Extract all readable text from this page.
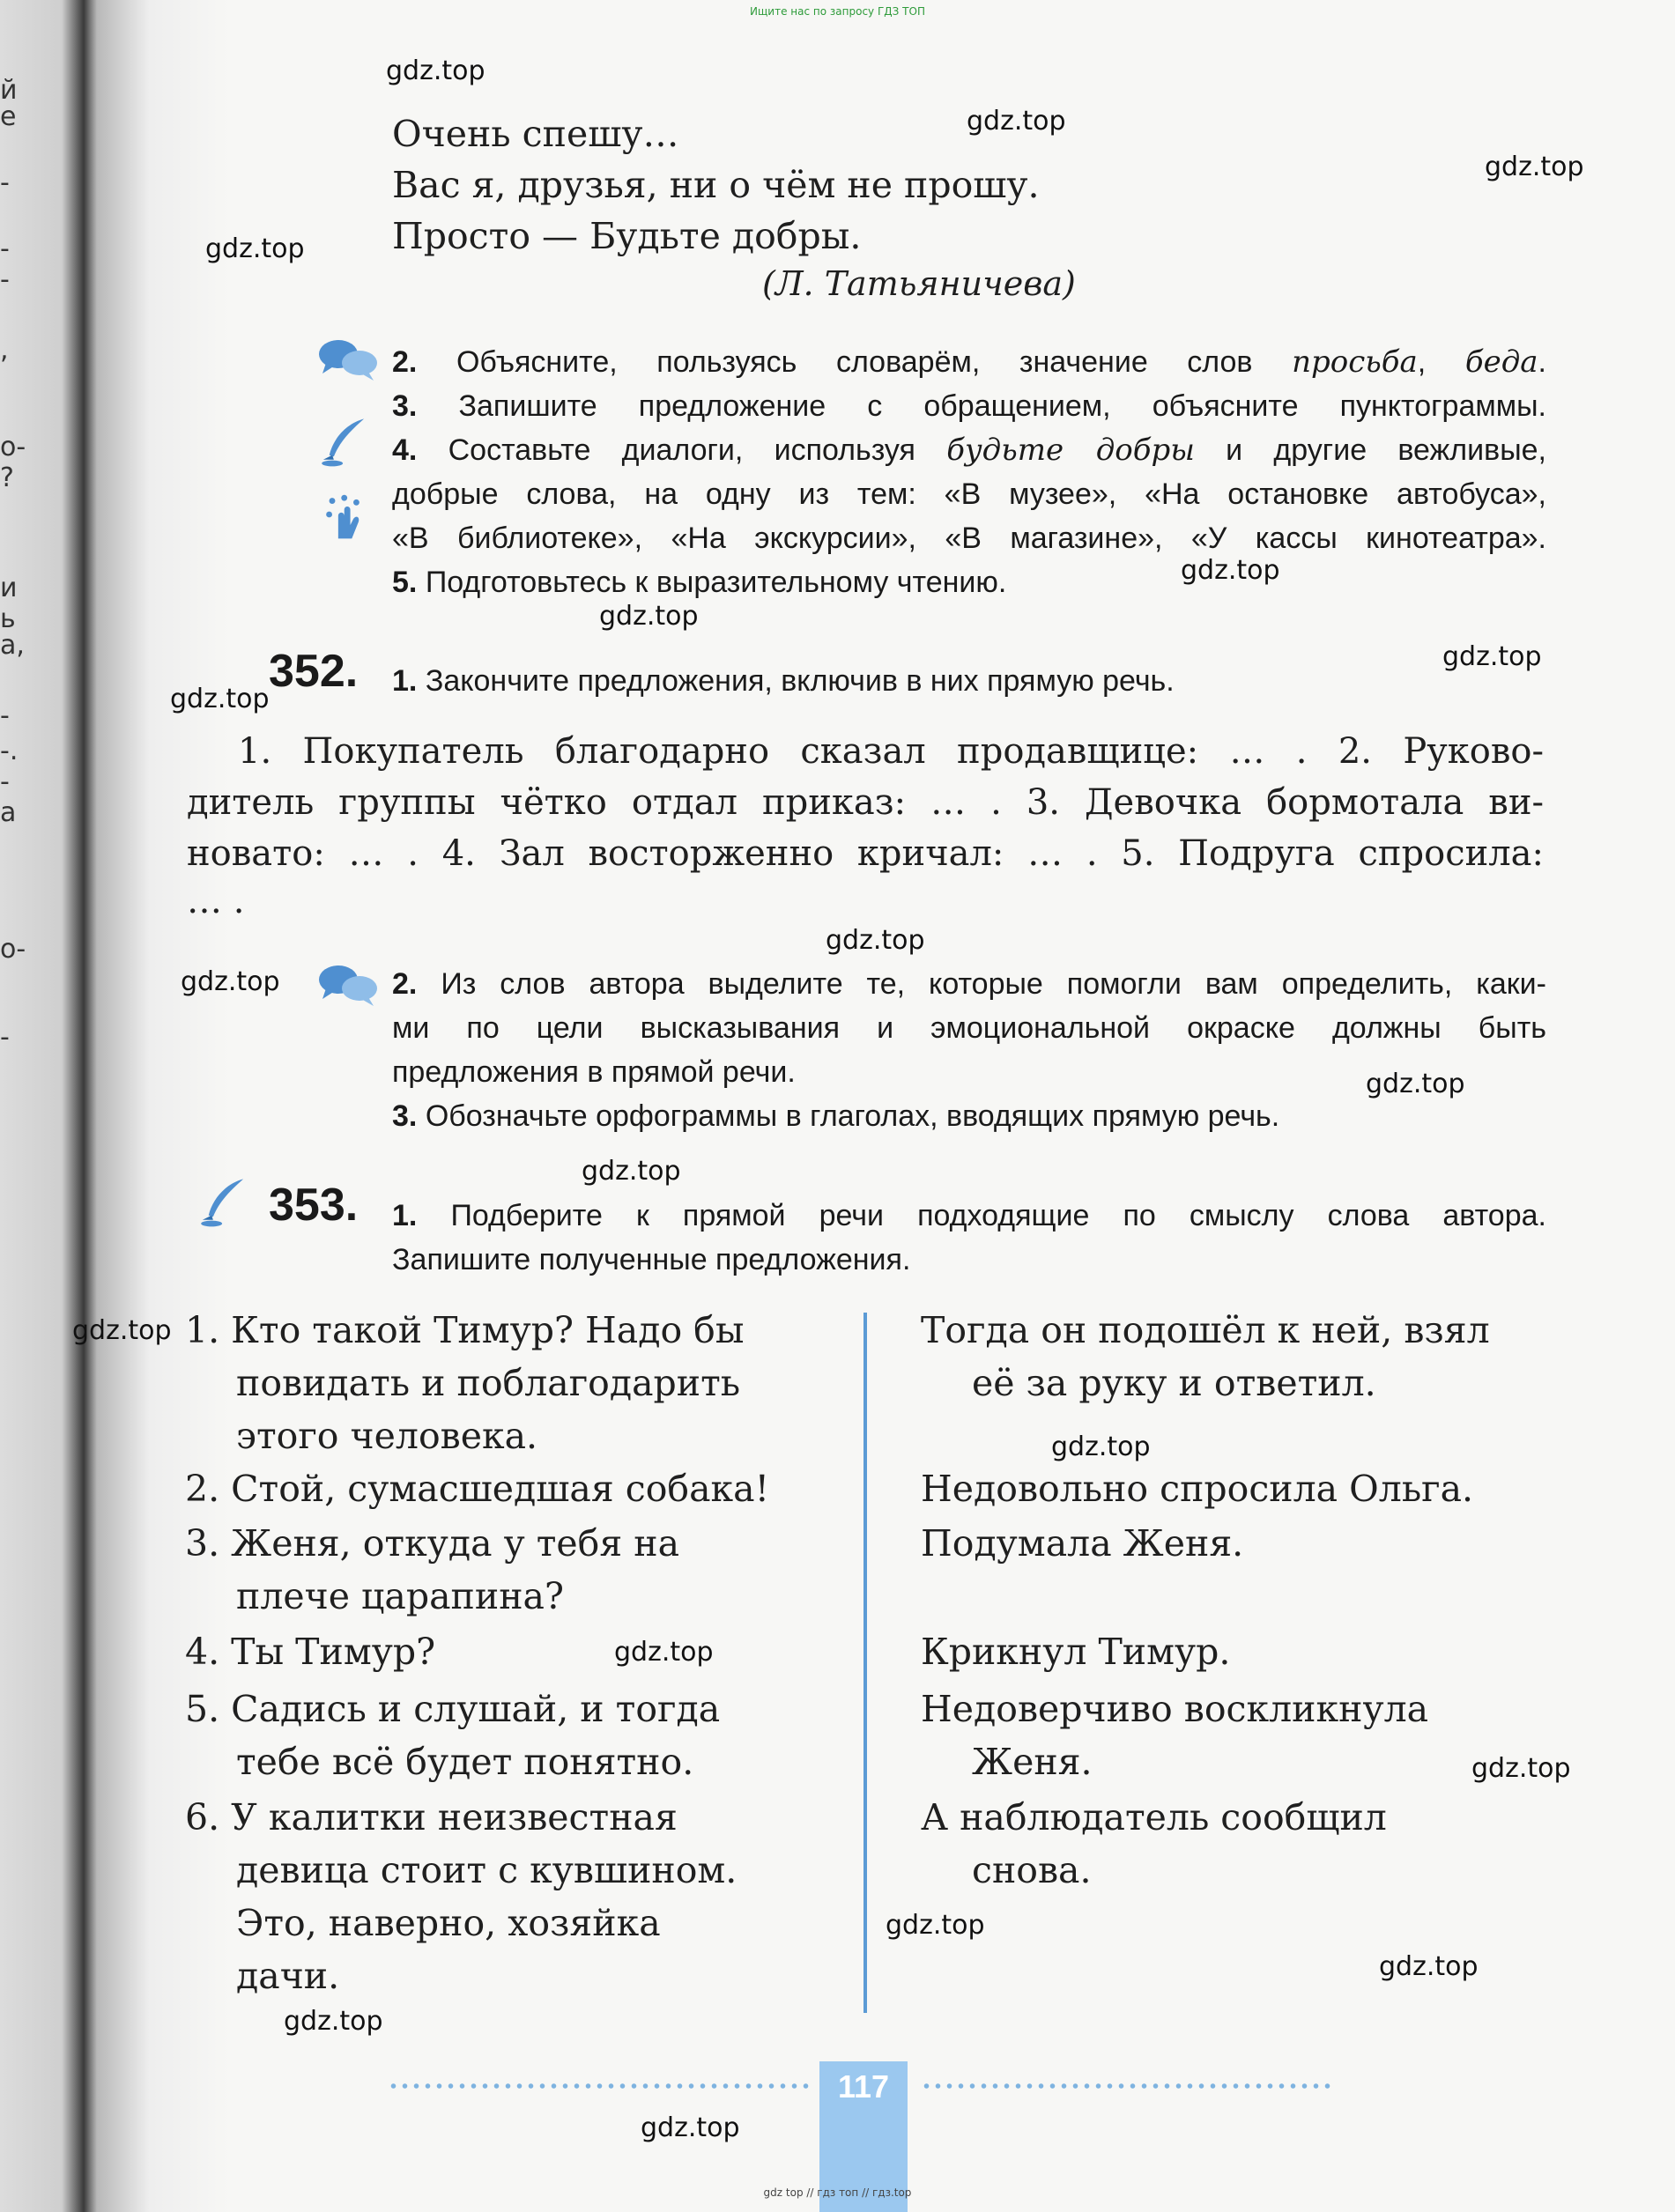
Ищите нас по запросу ГДЗ ТОП
й
е
-
-
-
,
о-
?
и
ь
а,
-
-.
-
а
о-
-
Очень спешу…
Вас я, друзья, ни о чём не прошу.
Просто — Будьте добры.
(Л. Татьяничева)
2. Объясните, пользуясь словарём, значение слов просьба, беда.
3. Запишите предложение с обращением, объясните пунктограммы.
4. Составьте диалоги, используя будьте добры и другие вежливые,
добрые слова, на одну из тем: «В музее», «На остановке автобуса»,
«В библиотеке», «На экскурсии», «В магазине», «У кассы кинотеатра».
5. Подготовьтесь к выразительному чтению.
352. 1. Закончите предложения, включив в них прямую речь.
1. Покупатель благодарно сказал продавщице: … . 2. Руково-
дитель группы чётко отдал приказ: … . 3. Девочка бормотала ви-
новато: … . 4. Зал восторженно кричал: … . 5. Подруга спросила:
… .
2. Из слов автора выделите те, которые помогли вам определить, каки-
ми по цели высказывания и эмоциональной окраске должны быть
предложения в прямой речи.
3. Обозначьте орфограммы в глаголах, вводящих прямую речь.
353. 1. Подберите к прямой речи подходящие по смыслу слова автора.
Запишите полученные предложения.
1. Кто такой Тимур? Надо бы
повидать и поблагодарить
этого человека.
2. Стой, сумасшедшая собака!
3. Женя, откуда у тебя на
плече царапина?
4. Ты Тимур?
5. Садись и слушай, и тогда
тебе всё будет понятно.
6. У калитки неизвестная
девица стоит с кувшином.
Это, наверно, хозяйка
дачи.
Тогда он подошёл к ней, взял
её за руку и ответил.
Недовольно спросила Ольга.
Подумала Женя.
Крикнул Тимур.
Недоверчиво воскликнула
Женя.
А наблюдатель сообщил
снова.
117
gdz.top
gdz.top
gdz.top
gdz.top
gdz.top
gdz.top
gdz.top
gdz.top
gdz.top
gdz.top
gdz.top
gdz.top
gdz.top
gdz.top
gdz.top
gdz.top
gdz.top
gdz.top
gdz.top
gdz.top
gdz top // гдз топ // гдз.top
